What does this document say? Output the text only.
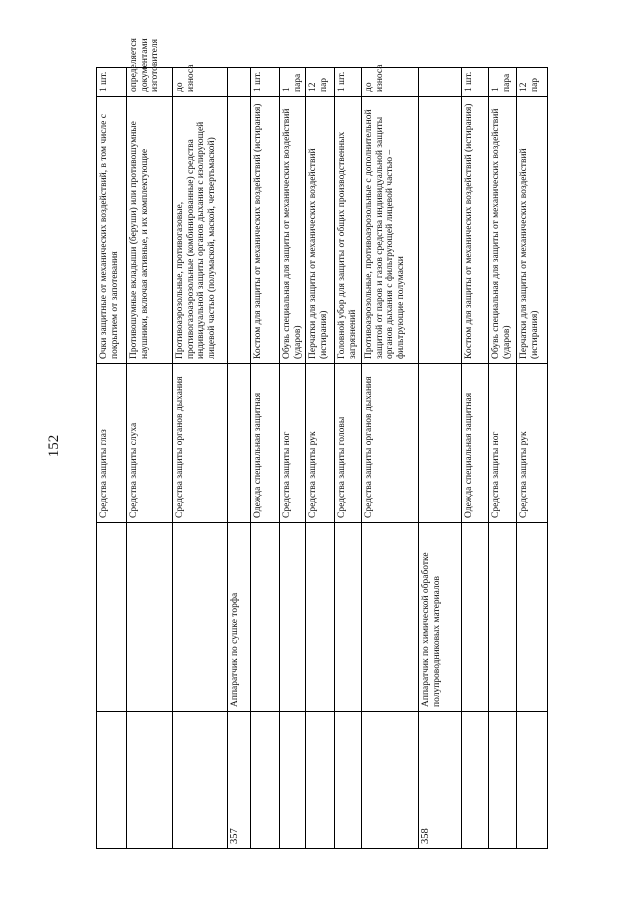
152	Средства защиты глаз
Очки защитные от механических воздействий, в том числе с покрытием от запотевания
1 шт.
Средства защиты слуха
Противошумные вкладыши (беруши) или противошумные наушники, включая активные, и их комплектующие
определяется документами изготовителя
Средства защиты органов дыхания
Противоаэрозольные, противогазовые, противогазоаэрозольные (комбинированные) средства индивидуальной защиты органов дыхания с изолирующей лицевой частью (полумаской, маской, четвертьмаской)
до износа
357
Аппаратчик по сушке торфа
Одежда специальная защитная
Костюм для защиты от механических воздействий (истирания)
1 шт.
Средства защиты ног
Обувь специальная для защиты от механических воздействий (ударов)
1 пара
Средства защиты рук
Перчатки для защиты от механических воздействий (истирания)
12 пар
Средства защиты головы
Головной убор для защиты от общих производственных загрязнений
1 шт.
Средства защиты органов дыхания
Противоаэрозольные, противоаэрозольные с дополнительной защитой от паров и газов средства индивидуальной защиты органов дыхания с фильтрующей лицевой частью – фильтрующие полумаски
до износа
358
Аппаратчик по химической обработке полупроводниковых материалов
Одежда специальная защитная
Костюм для защиты от механических воздействий (истирания)
1 шт.
Средства защиты ног
Обувь специальная для защиты от механических воздействий (ударов)
1 пара
Средства защиты рук
Перчатки для защиты от механических воздействий (истирания)
12 пар
